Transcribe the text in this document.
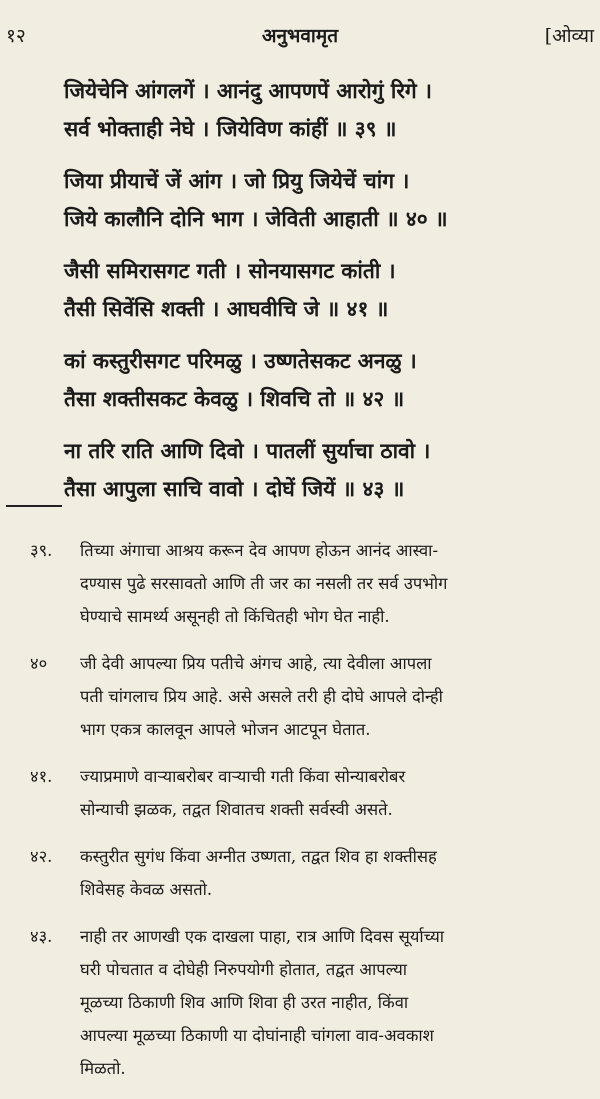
१२	अनुभवामृत	[ओव्या
जियेचेनि आंगलगें । आनंदु आपणपें आरोगुं रिगे ।
सर्व भोक्ताही नेघे । जियेविण कांहीं ॥ ३९ ॥
जिया प्रीयाचें जें आंग । जो प्रियु जियेचें चांग ।
जिये कालौनि दोनि भाग । जेविती आहाती ॥ ४० ॥
जैसी समिरासगट गती । सोनयासगट कांती ।
तैसी सिवेंसि शक्ती । आघवीचि जे ॥ ४१ ॥
कां कस्तुरीसगट परिमळु । उष्णतेसकट अनळु ।
तैसा शक्तीसकट केवळु । शिवचि तो ॥ ४२ ॥
ना तरि राति आणि दिवो । पातलीं सुर्याचा ठावो ।
तैसा आपुला साचि वावो । दोघें जियें ॥ ४३ ॥
३९. तिच्या अंगाचा आश्रय करून देव आपण होऊन आनंद आस्वा-
दण्यास पुढे सरसावतो आणि ती जर का नसली तर सर्व उपभोग
घेण्याचे सामर्थ्य असूनही तो किंचितही भोग घेत नाही.
४० जी देवी आपल्या प्रिय पतीचे अंगच आहे, त्या देवीला आपला
पती चांगलाच प्रिय आहे. असे असले तरी ही दोघे आपले दोन्ही
भाग एकत्र कालवून आपले भोजन आटपून घेतात.
४१. ज्याप्रमाणे वाऱ्याबरोबर वाऱ्याची गती किंवा सोन्याबरोबर
सोन्याची झळक, तद्वत शिवातच शक्ती सर्वस्वी असते.
४२. कस्तुरीत सुगंध किंवा अग्नीत उष्णता, तद्वत शिव हा शक्तीसह
शिवेसह केवळ असतो.
४३. नाही तर आणखी एक दाखला पाहा, रात्र आणि दिवस सूर्याच्या
घरी पोचतात व दोघेही निरुपयोगी होतात, तद्वत आपल्या
मूळच्या ठिकाणी शिव आणि शिवा ही उरत नाहीत, किंवा
आपल्या मूळच्या ठिकाणी या दोघांनाही चांगला वाव-अवकाश
मिळतो.
